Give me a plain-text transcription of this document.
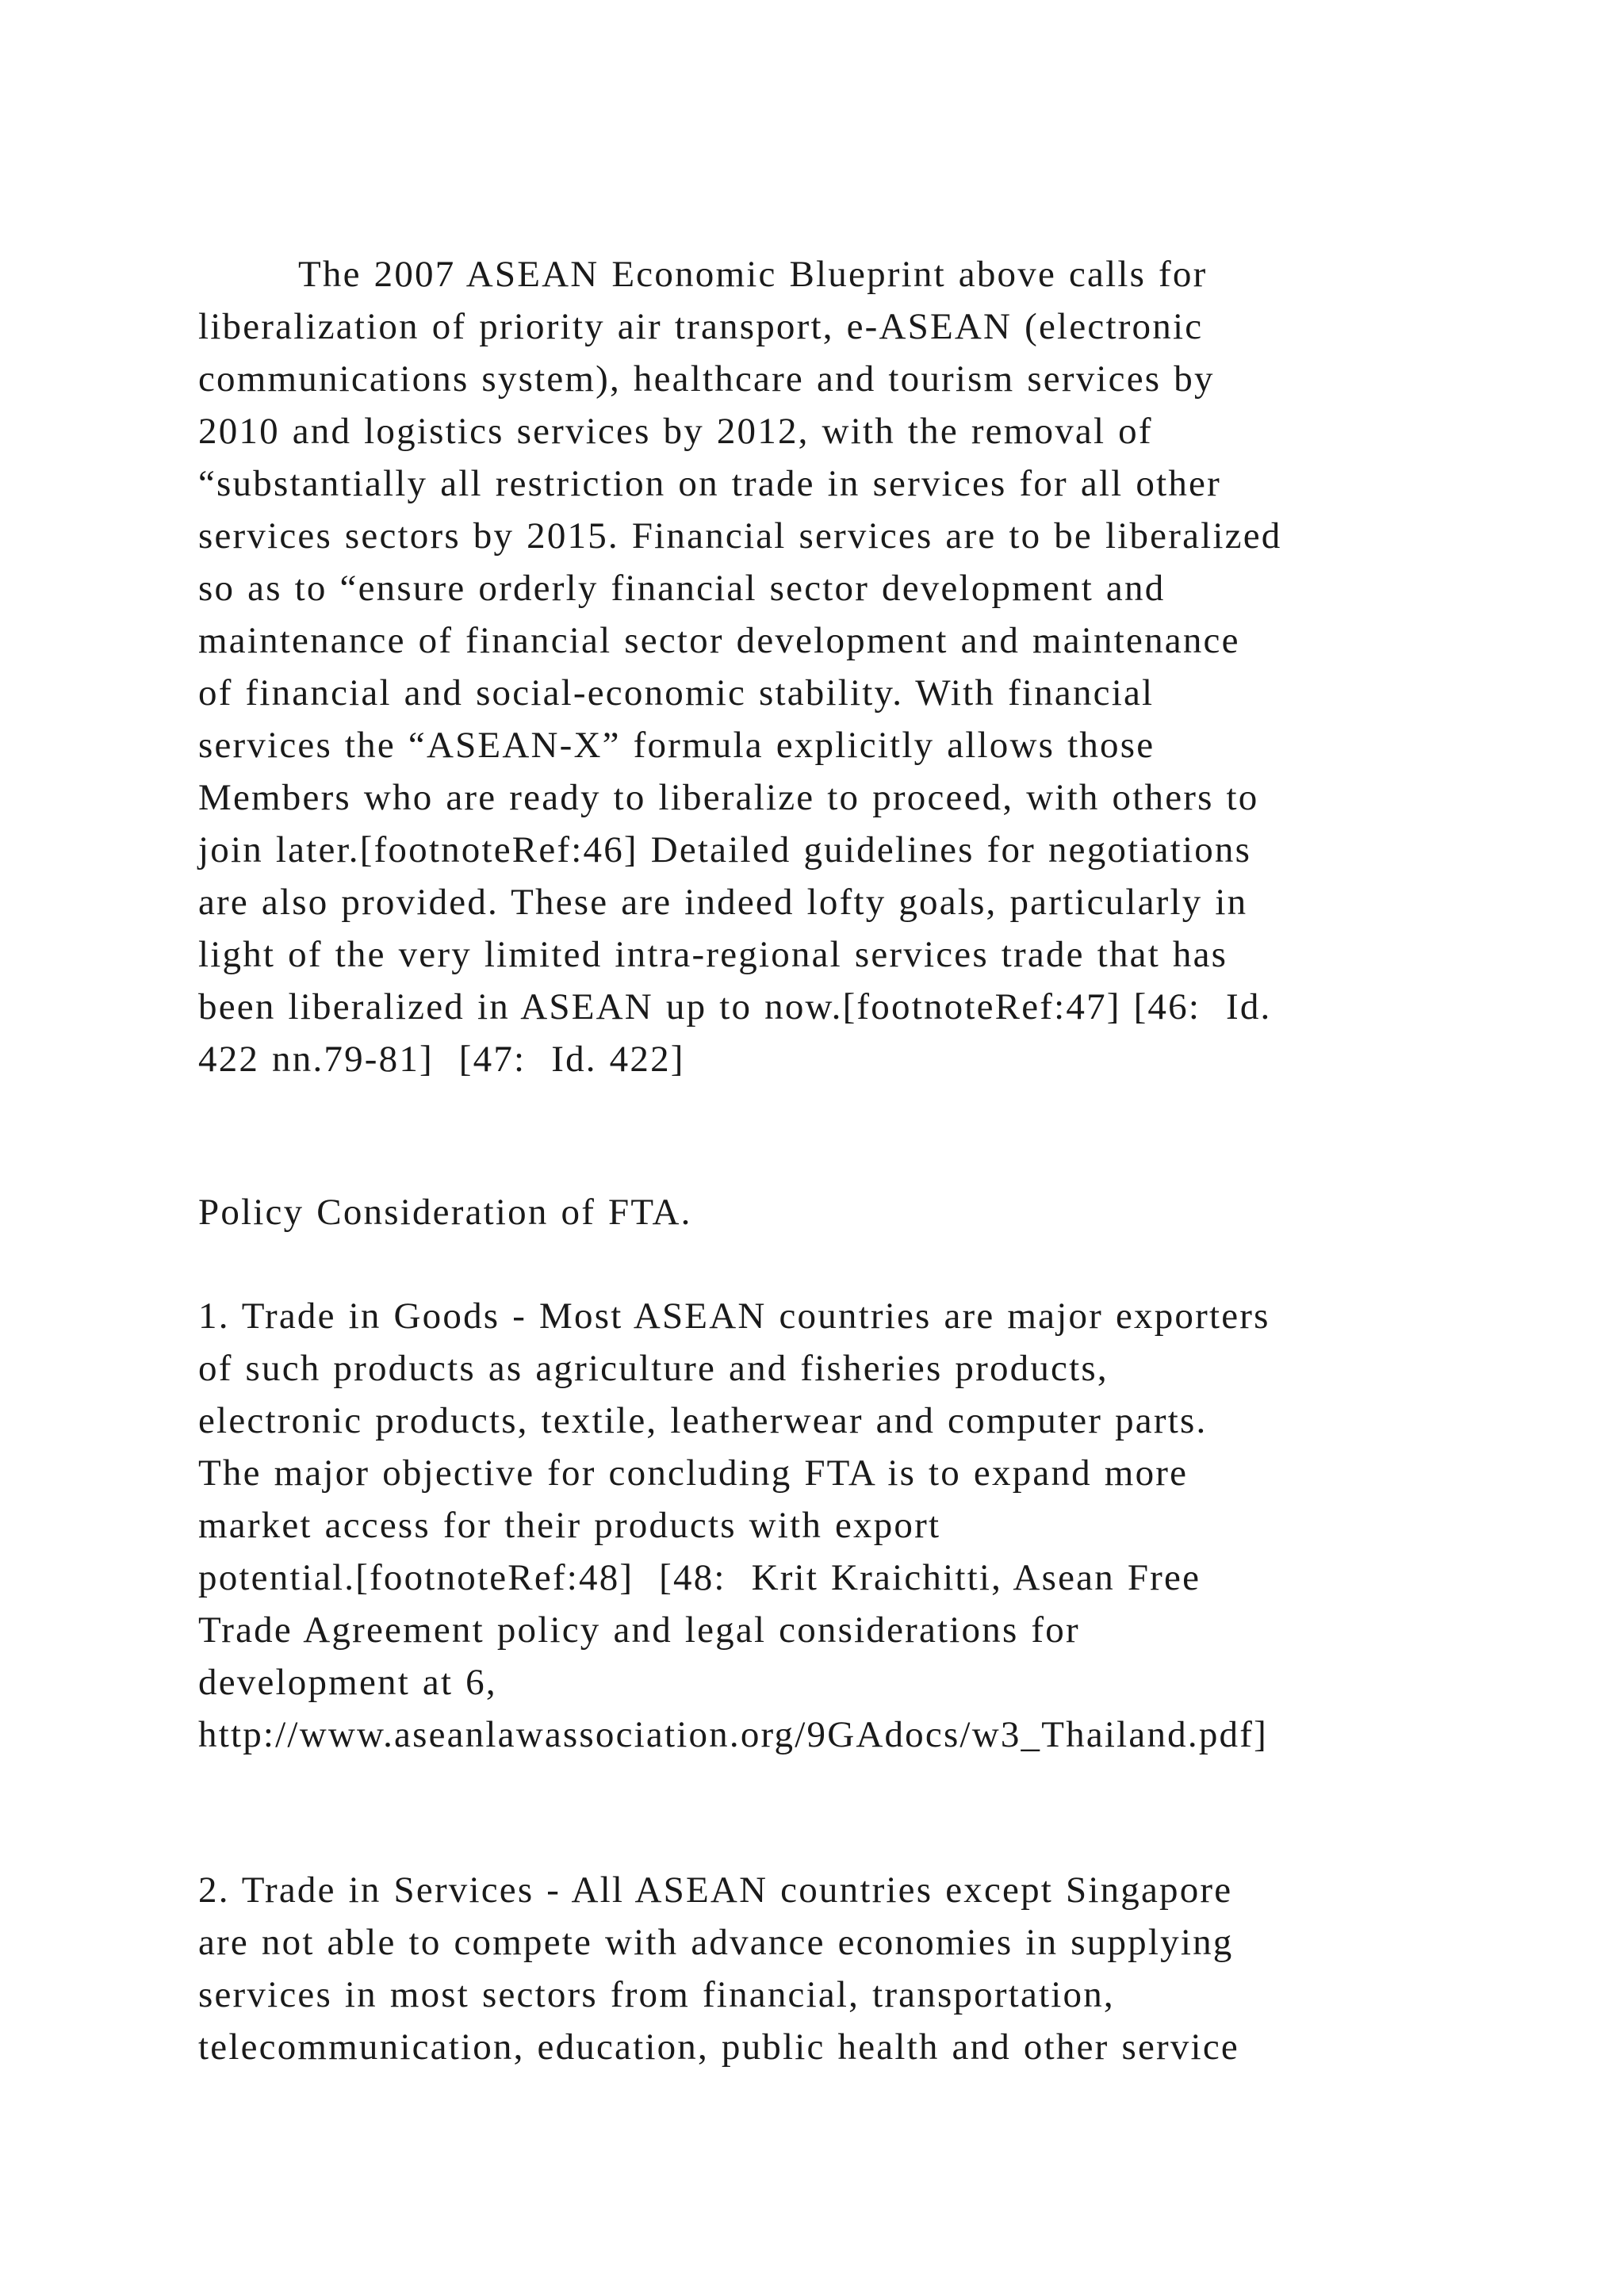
The 2007 ASEAN Economic Blueprint above calls for
liberalization of priority air transport, e-ASEAN (electronic
communications system), healthcare and tourism services by
2010 and logistics services by 2012, with the removal of
“substantially all restriction on trade in services for all other
services sectors by 2015. Financial services are to be liberalized
so as to “ensure orderly financial sector development and
maintenance of financial sector development and maintenance
of financial and social-economic stability. With financial
services the “ASEAN-X” formula explicitly allows those
Members who are ready to liberalize to proceed, with others to
join later.[footnoteRef:46] Detailed guidelines for negotiations
are also provided. These are indeed lofty goals, particularly in
light of the very limited intra-regional services trade that has
been liberalized in ASEAN up to now.[footnoteRef:47] [46:  Id.
422 nn.79-81]  [47:  Id. 422]
Policy Consideration of FTA.
1. Trade in Goods - Most ASEAN countries are major exporters
of such products as agriculture and fisheries products,
electronic products, textile, leatherwear and computer parts.
The major objective for concluding FTA is to expand more
market access for their products with export
potential.[footnoteRef:48]  [48:  Krit Kraichitti, Asean Free
Trade Agreement policy and legal considerations for
development at 6,
http://www.aseanlawassociation.org/9GAdocs/w3_Thailand.pdf]
2. Trade in Services - All ASEAN countries except Singapore
are not able to compete with advance economies in supplying
services in most sectors from financial, transportation,
telecommunication, education, public health and other service
